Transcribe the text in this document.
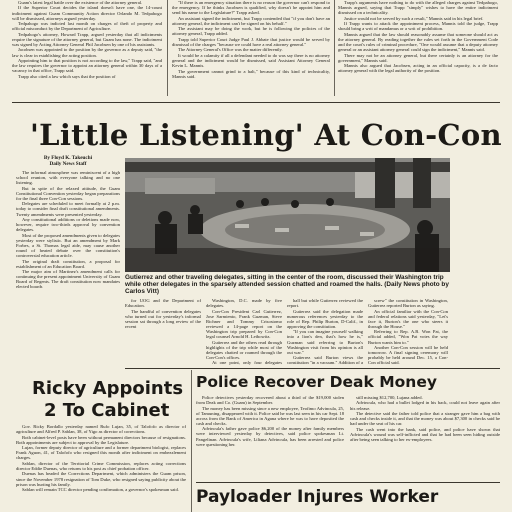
Guam's latest legal battle over the existence of the attorney general.

If the Superior Court decides the island doesn't have one, the 14-count indictment against Guam Community Action director Orlando M. Tedpahogo will be dismissed, attorneys argued yesterday.

Tedpahogo was indicted last month on charges of theft of property and official misconduct by the Department of Agriculture.

Tedpahogo's attorney, Howard Trapp, argued yesterday that all indictments require the signature of the attorney general, but Guam has none. The indictment was signed by Acting Attorney General Phil Jacobsen by one of his assistants.

Jacobsen was appointed to the position by the governor as a deputy said, "the law is clear in establishing the acting position.

Appointing him to that position is not according to the law," Trapp said, "and the law requires the governor to appoint an attorney general within 30 days of a vacancy in that office, Trapp said.

Trapp also cited a law which says that the position of

"If there is an emergency situation there is no reason the governor can't respond to the emergency. If he thinks Jacobsen is qualified, why doesn't he appoint him and send his name to the Legislature?" Trapp asked.

An assistant signed the indictment, but Trapp contended that "if you don't have an attorney general, the indictment can't be signed on his behalf."

The assistant may be doing the work, but he is following the policies of the attorney general, Trapp added.

Trapp told Superior Court Judge Paul J. Abbate that justice would be served by dismissal of the charges "because we could have a real attorney general."

The Attorney General's Office was the matter differently.

It would be a calamity if all a defendant needed to do was say there is no attorney general and the indictment would be dismissed, said Assistant Attorney General Kevin L. Mannis.

The government cannot grind to a halt," because of this kind of technicality, Mannis said.

Trapp's arguments have nothing to do with the alleged charges against Tedpahogo, Mannis argued, saying that Trapp "simply" wishes to have the entire indictment dismissed on a technicality.

Justice would not be served by such a result," Mannis said in his legal brief.

If Trapp wants to attack the appointment process, Mannis told the judge, Trapp should bring a writ of mandamus or a writ of prohibition.

Mannis argued that the law should reasonably assume that someone should act as the attorney general. By reading together the rules set forth in the Government Code and the court's rules of criminal procedure, "One would assume that a deputy attorney general or an assistant attorney general could sign the indictment," Mannis said.

There may not be an attorney general, but there certainly is an attorney for the government," Mannis said.

Mannis also argued that Jacobsen, acting in an official capacity, is a de facto attorney general with the legal authority of the position.

'Little Listening' At Con-Con
By Floyd K. Takeuchi
Daily News Staff

The informal atmosphere was reminiscent of a high school reunion, with everyone talking and no one listening.

But in spite of the relaxed attitude, the Guam Constitutional Convention yesterday began preparations for the final three Con-Con sessions.

Delegates are scheduled to meet formally at 2 p.m. today to consider final draft constitutional amendments. Twenty amendments were presented yesterday.

Any constitutional additions or deletions made now, however, require two-thirds approval by convention delegates.

Most of the proposed amendments given to delegates yesterday were stylistic. But an amendment by Mark Forbes, a St. Thomas legal aide, may cause another round of heated debate over the constitution's controversial education article.

The original draft constitution, a proposal for establishment of an Education Board.

The major aim of Martinez's amendment calls for continuing the present appointment University of Guam Board of Regents. The draft constitution now mandates elected boards

Gutierrez and other traveling delegates, sitting in the center of the room, discussed their Washington trip while other delegates in the sparsely attended session chatted and roamed the halls. (Daily News photo by Carlos Vitt)

for UOG and the Department of Education.

The handful of convention delegates who turned out for yesterday's informal session sat through a long review of the recent

Washington, D.C. made by five delegates.

Con-Con President Carl Gutierrez, Jose Sarmiento, Frank Guzman, Steve Richner and Tommy Crisostomo reviewed a 14-page report on the Washington trip prepared by Con-Con legal counsel Arnold H. Leibowitz.

Gutierrez and the others read through highlights of the trip while most of the delegates chatted or roamed through the Con-Con's offices.

At one point, only four delegates

hall but while Gutierrez reviewed the report.

Gutierrez said the delegation made numerous references yesterday to the role of Rep. Philip Burton, D-Calif., in approving the constitution.

"If you can imagine yourself walking into a lion's den, that's how he is," Guzman said referring to Burton's Washington visit from his opinion is all out war."

Gutierrez said Burton views the constitution "in a vacuum." Addition of a

screw" the constitution in Washington, Gutierrez reported Burton as saying.

An official familiar with the Con-Con and federal relations said yesterday, "Let's face it, Burton's the one who steers it through the House."

Referring to Rep. A.B. Won Pat, the official added, "Won Pat votes the way Burton wants him to."

Another Con-Con session will be held tomorrow. A final signing ceremony will probably be held around Dec. 15, a Con-Con official said.

Ricky Appoints
2 To Cabinet

Gov. Ricky Bordallo yesterday named Rufo Lujan, 35, of Talofofo as director of agriculture and Alfred P. Sablan, 38, of Yigo as director of corrections.

Both cabinet-level posts have been without permanent directors because of resignations. Both appointments are subject to approval by the Legislature.

Lujan, former deputy director of agriculture and a former department biologist, replaces Frank Aguon, 41, of Talofofo who resigned this month after indictment on embezzlement charges.

Sablan, director of the Territorial Crime Commission, replaces acting corrections director Eddie Duenas, who returns to his post as chief probation officer.

Duenas has headed the Corrections Department, which administers the Guam prison, since the November 1978 resignation of Tom Duke, who resigned saying publicity about the prison was hurting his family.

Sablan will remain TCC director pending confirmation, a governor's spokesman said.

Police Recover Deak Money

Police detectives yesterday recovered about a third of the $19,000 stolen from Deak and Co. (Guam) in September.

The money has been missing since a new employee, Teofimo Advincula, 25, of Tamuning, disappeared with it. Police said he was last seen in his car Sept. 18 across from the Bank of America in Agana where he was to have deposited the cash and checks.

Advincula's father gave police $6,200 of the money after family members were interviewed yesterday by detectives, said police spokesman Lt. Pangelinan. Advincula's wife, Liliana Advincula, has been arrested and police were questioning her.

still missing $12,700, Lujana added.

Advincula, who had a bullet lodged in his back, could not leave again after his release.

The detective said the father told police that a stranger gave him a bag with cash and checks inside it, and that the money was about $7,300 in checks said he had under the seat of his car.

The cash went into the bank, said police, and police have shown that Advincula's wound was self-inflicted and that he had been seen hiding outside after being seen talking to her ex-employees.

Payloader Injures Worker
